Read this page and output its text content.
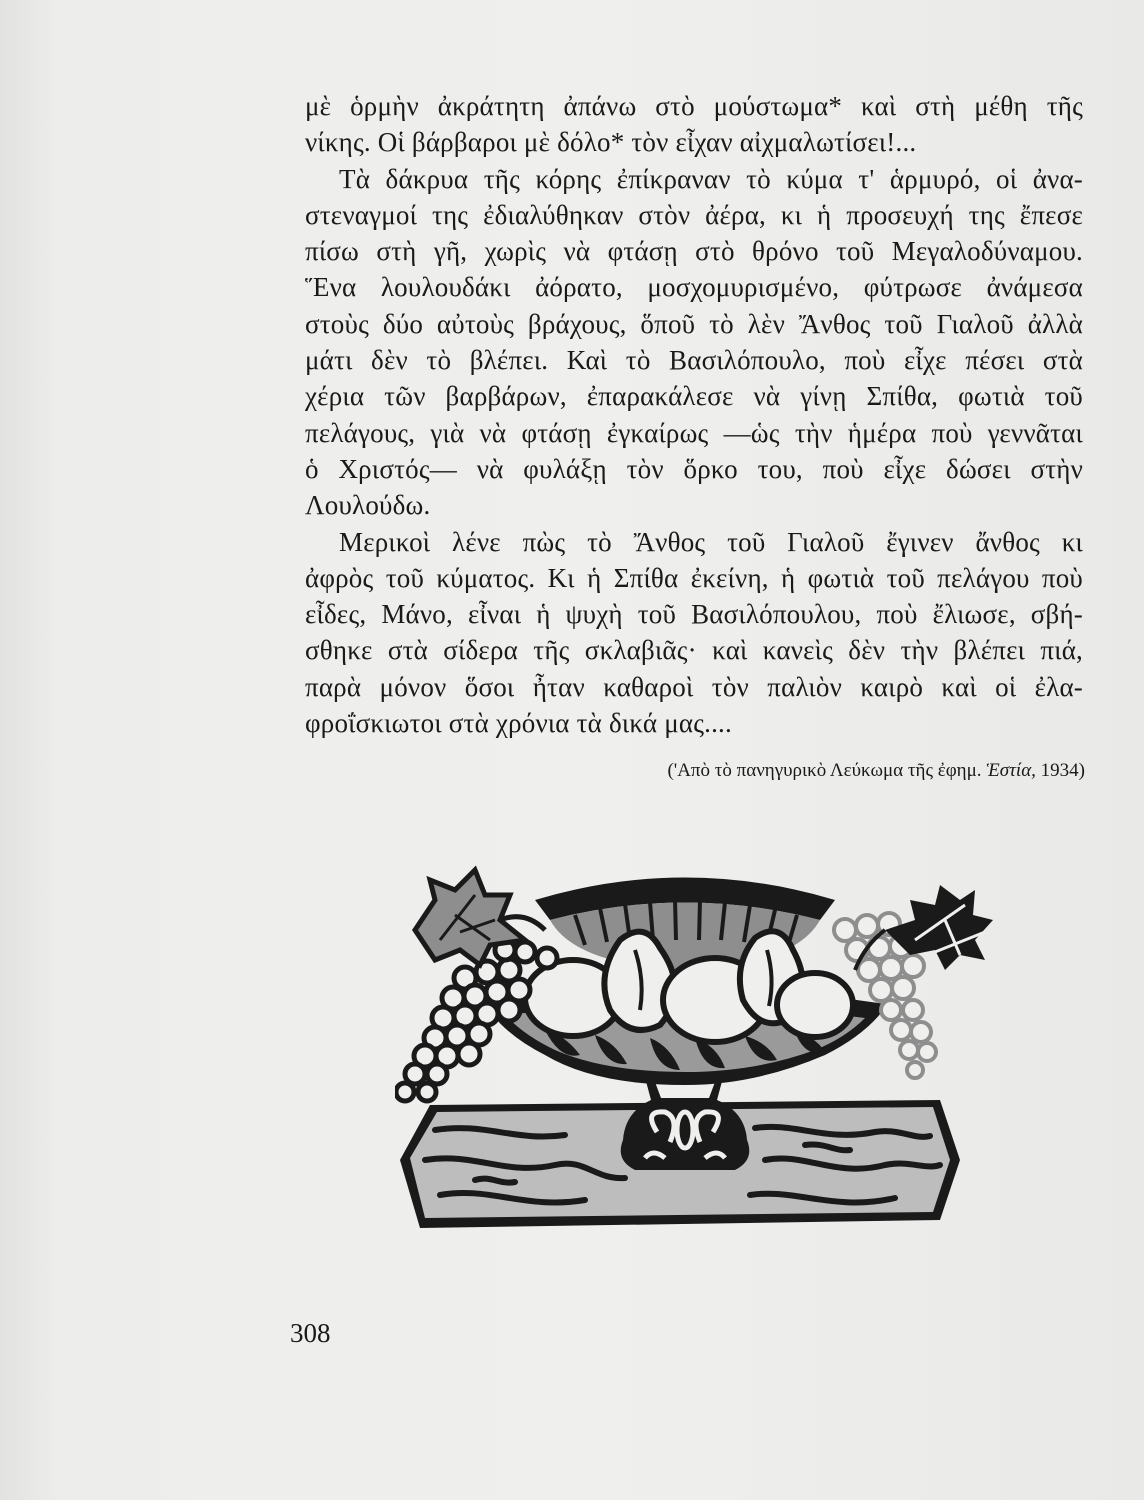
μὲ ὁρμὴν ἀκράτητη ἀπάνω στὸ μούστωμα* καὶ στὴ μέθη τῆς
νίκης. Οἱ βάρβαροι μὲ δόλο* τὸν εἶχαν αἰχμαλωτίσει!...
Τὰ δάκρυα τῆς κόρης ἐπίκραναν τὸ κύμα τ' ἁρμυρό, οἱ ἀνα-
στεναγμοί της ἐδιαλύθηκαν στὸν ἀέρα, κι ἡ προσευχή της ἔπεσε
πίσω στὴ γῆ, χωρὶς νὰ φτάσῃ στὸ θρόνο τοῦ Μεγαλοδύναμου.
Ἕνα λουλουδάκι ἀόρατο, μοσχομυρισμένο, φύτρωσε ἀνάμεσα
στοὺς δύο αὐτοὺς βράχους, ὅποῦ τὸ λὲν Ἄνθος τοῦ Γιαλοῦ ἀλλὰ
μάτι δὲν τὸ βλέπει. Καὶ τὸ Βασιλόπουλο, ποὺ εἶχε πέσει στὰ
χέρια τῶν βαρβάρων, ἐπαρακάλεσε νὰ γίνῃ Σπίθα, φωτιὰ τοῦ
πελάγους, γιὰ νὰ φτάσῃ ἐγκαίρως —ὡς τὴν ἡμέρα ποὺ γεννᾶται
ὁ Χριστός— νὰ φυλάξῃ τὸν ὅρκο του, ποὺ εἶχε δώσει στὴν
Λουλούδω.
Μερικοὶ λένε πὼς τὸ Ἄνθος τοῦ Γιαλοῦ ἔγινεν ἄνθος κι
ἀφρὸς τοῦ κύματος. Κι ἡ Σπίθα ἐκείνη, ἡ φωτιὰ τοῦ πελάγου ποὺ
εἶδες, Μάνο, εἶναι ἡ ψυχὴ τοῦ Βασιλόπουλου, ποὺ ἔλιωσε, σβή-
σθηκε στὰ σίδερα τῆς σκλαβιᾶς· καὶ κανεὶς δὲν τὴν βλέπει πιά,
παρὰ μόνον ὅσοι ἦταν καθαροὶ τὸν παλιὸν καιρὸ καὶ οἱ ἐλα-
φροΐσκιωτοι στὰ χρόνια τὰ δικά μας....
('Απὸ τὸ πανηγυρικὸ Λεύκωμα τῆς ἐφημ. Ἑστία, 1934)
308
